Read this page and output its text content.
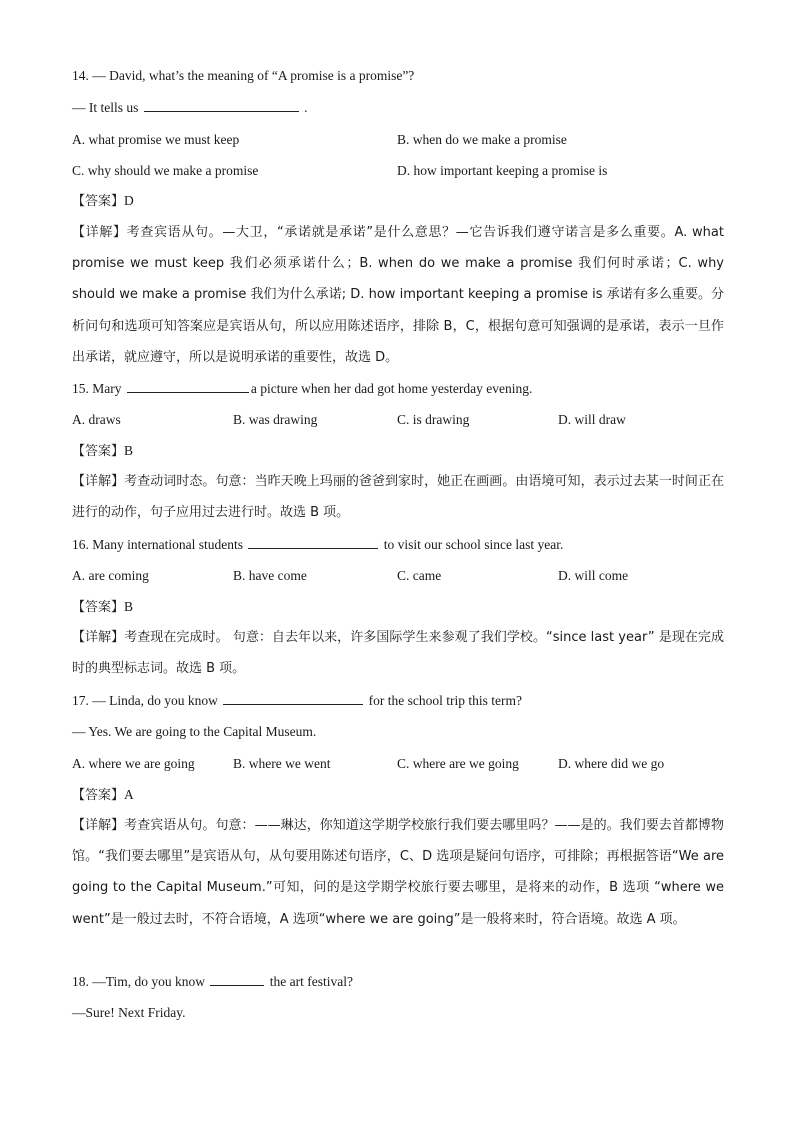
14. — David, what’s the meaning of “A promise is a promise”?
— It tells us	.
A. what promise we must keep	B. when do we make a promise
C. why should we make a promise	D. how important keeping a promise is
【答案】D
【详解】考查宾语从句。—大卫，“承诺就是承诺”是什么意思？—它告诉我们遵守诺言是多么重要。A. what promise we must keep 我们必须承诺什么；B. when do we make a promise 我们何时承诺；C. why should we make a promise 我们为什么承诺; D. how important keeping a promise is 承诺有多么重要。分析问句和选项可知答案应是宾语从句，所以应用陈述语序，排除 B，C，根据句意可知强调的是承诺，表示一旦作出承诺，就应遵守，所以是说明承诺的重要性，故选 D。
15. Mary	a picture when her dad got home yesterday evening.
A. draws	B. was drawing	C. is drawing	D. will draw
【答案】B
【详解】考查动词时态。句意：当昨天晚上玛丽的爸爸到家时，她正在画画。由语境可知，表示过去某一时间正在进行的动作，句子应用过去进行时。故选 B 项。
16. Many international students	to visit our school since last year.
A. are coming	B. have come	C. came	D. will come
【答案】B
【详解】考查现在完成时。 句意：自去年以来，许多国际学生来参观了我们学校。“since last year” 是现在完成时的典型标志词。故选 B 项。
17. — Linda, do you know	for the school trip this term?
— Yes. We are going to the Capital Museum.
A. where we are going	B. where we went	C. where are we going	D. where did we go
【答案】A
【详解】考查宾语从句。句意：——琳达，你知道这学期学校旅行我们要去哪里吗？——是的。我们要去首都博物馆。“我们要去哪里”是宾语从句，从句要用陈述句语序，C、D 选项是疑问句语序，可排除；再根据答语“We are going to the Capital Museum.”可知，问的是这学期学校旅行要去哪里，是将来的动作，B 选项 “where we went”是一般过去时，不符合语境，A 选项“where we are going”是一般将来时，符合语境。故选 A 项。
18. —Tim, do you know	the art festival?
—Sure! Next Friday.
